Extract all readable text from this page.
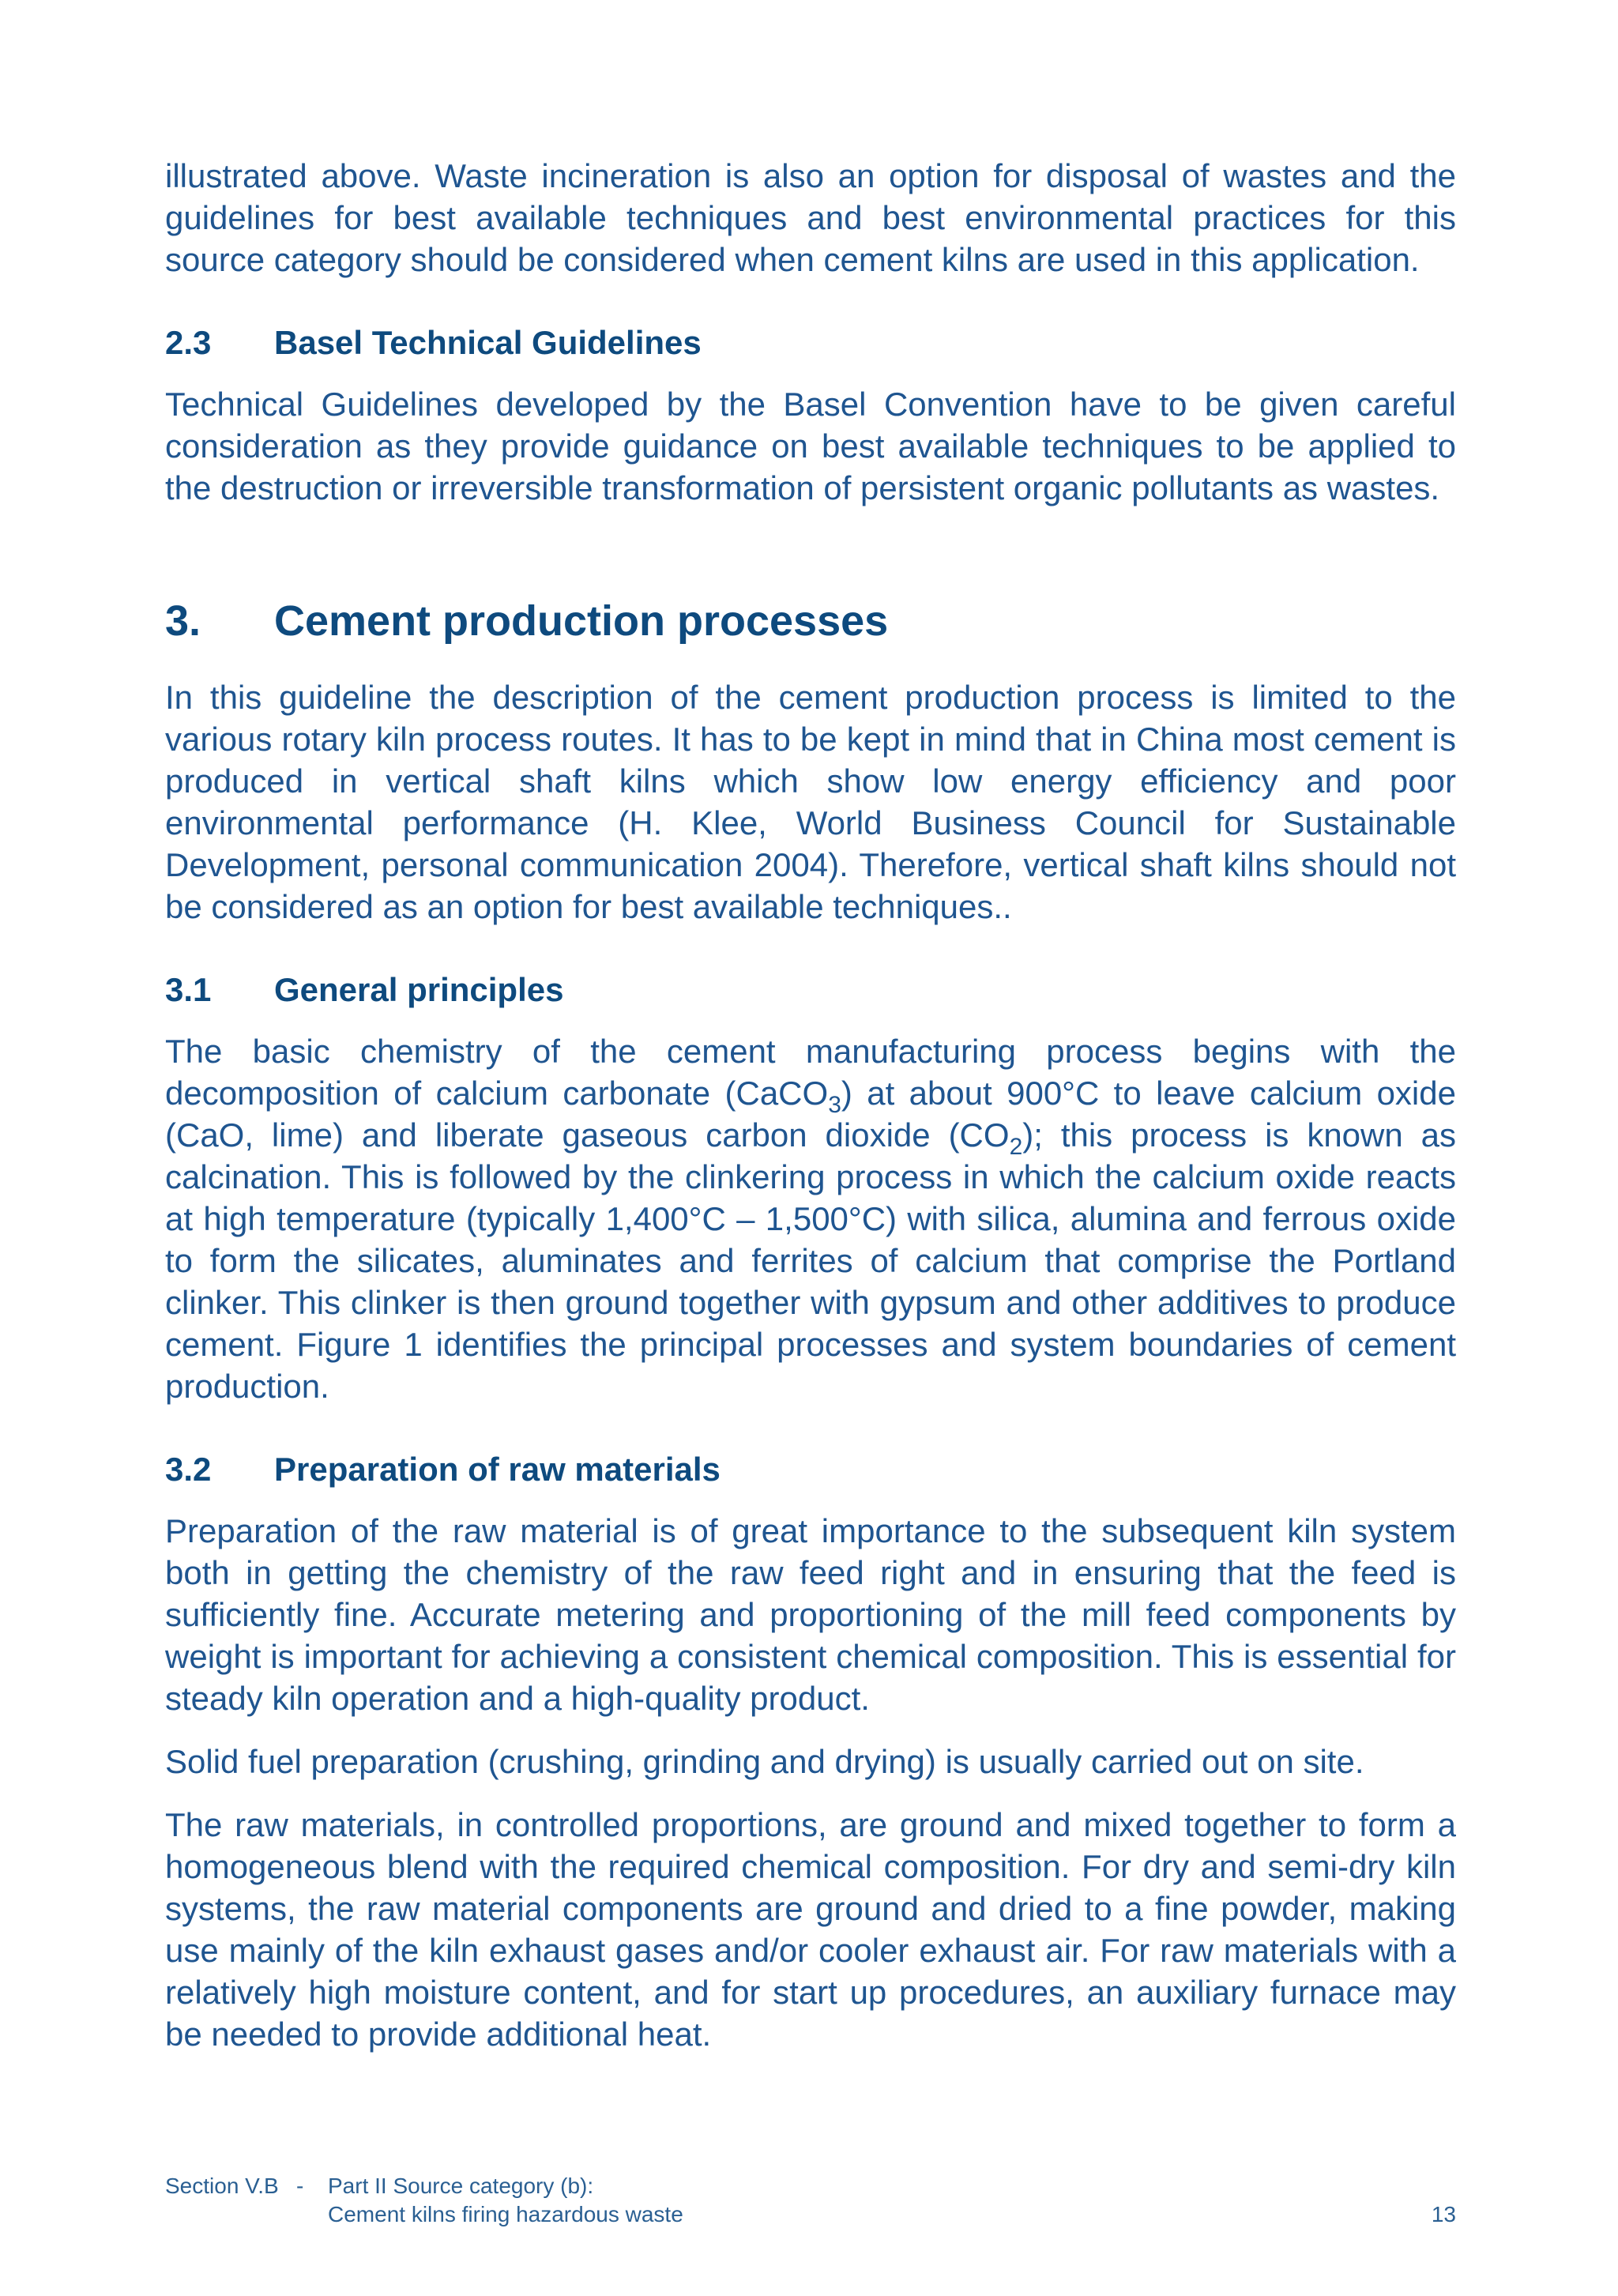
illustrated above. Waste incineration is also an option for disposal of wastes and the guidelines for best available techniques and best environmental practices for this source category should be considered when cement kilns are used in this application.

2.3	Basel Technical Guidelines

Technical Guidelines developed by the Basel Convention have to be given careful consideration as they provide guidance on best available techniques to be applied to the destruction or irreversible transformation of persistent organic pollutants as wastes.

3.	Cement production processes

In this guideline the description of the cement production process is limited to the various rotary kiln process routes. It has to be kept in mind that in China most cement is produced in vertical shaft kilns which show low energy efficiency and poor environmental performance (H. Klee, World Business Council for Sustainable Development, personal communication 2004). Therefore, vertical shaft kilns should not be considered as an option for best available techniques..

3.1	General principles

The basic chemistry of the cement manufacturing process begins with the decomposition of calcium carbonate (CaCO$_3$) at about 900°C to leave calcium oxide (CaO, lime) and liberate gaseous carbon dioxide $(CO_2)$; this process is known as calcination. This is followed by the clinkering process in which the calcium oxide reacts at high temperature (typically 1,400°C – 1,500°C) with silica, alumina and ferrous oxide to form the silicates, aluminates and ferrites of calcium that comprise the Portland clinker. This clinker is then ground together with gypsum and other additives to produce cement. Figure 1 identifies the principal processes and system boundaries of cement production.

3.2	Preparation of raw materials

Preparation of the raw material is of great importance to the subsequent kiln system both in getting the chemistry of the raw feed right and in ensuring that the feed is sufficiently fine. Accurate metering and proportioning of the mill feed components by weight is important for achieving a consistent chemical composition. This is essential for steady kiln operation and a high-quality product.

Solid fuel preparation (crushing, grinding and drying) is usually carried out on site.

The raw materials, in controlled proportions, are ground and mixed together to form a homogeneous blend with the required chemical composition. For dry and semi-dry kiln systems, the raw material components are ground and dried to a fine powder, making use mainly of the kiln exhaust gases and/or cooler exhaust air. For raw materials with a relatively high moisture content, and for start up procedures, an auxiliary furnace may be needed to provide additional heat.

Section V.B - Part II Source category (b):
Cement kilns firing hazardous waste	13
